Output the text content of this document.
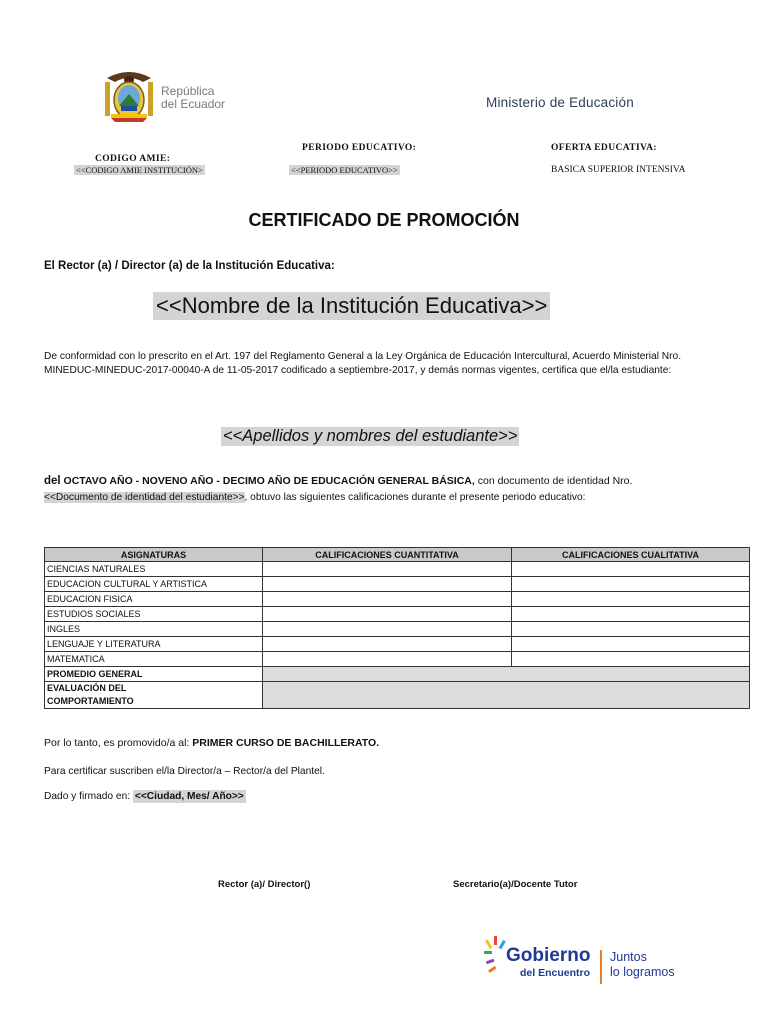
República
del Ecuador	Ministerio de Educación
CODIGO AMIE:
<<CODIGO AMIE INSTITUCIÓN>
PERIODO EDUCATIVO:
<<PERIODO EDUCATIVO>>
OFERTA EDUCATIVA:
BASICA SUPERIOR INTENSIVA
CERTIFICADO DE PROMOCIÓN
El Rector (a) / Director (a) de la Institución Educativa:
<<Nombre de la Institución Educativa>>
De conformidad con lo prescrito en el Art. 197 del Reglamento General a la Ley Orgánica de Educación Intercultural, Acuerdo Ministerial Nro. MINEDUC-MINEDUC-2017-00040-A de 11-05-2017 codificado a septiembre-2017, y demás normas vigentes, certifica que el/la estudiante:
<<Apellidos y nombres del estudiante>>
del OCTAVO AÑO - NOVENO AÑO - DECIMO AÑO DE EDUCACIÓN GENERAL BÁSICA, con documento de identidad Nro.
<<Documento de identidad del estudiante>>, obtuvo las siguientes calificaciones durante el presente periodo educativo:
ASIGNATURAS	CALIFICACIONES CUANTITATIVA	CALIFICACIONES CUALITATIVA
CIENCIAS NATURALES		
EDUCACION CULTURAL Y ARTISTICA		
EDUCACION FISICA		
ESTUDIOS SOCIALES		
INGLES		
LENGUAJE Y LITERATURA		
MATEMATICA		
PROMEDIO GENERAL		

EVALUACIÓN DEL
COMPORTAMIENTO		

Por lo tanto, es promovido/a al: PRIMER CURSO DE BACHILLERATO.
Para certificar suscriben el/la Director/a – Rector/a del Plantel.
Dado y firmado en: <<Ciudad, Mes/ Año>>
Rector (a)/ Director()	Secretario(a)/Docente Tutor
Gobierno
del Encuentro
Juntos
lo logramos
